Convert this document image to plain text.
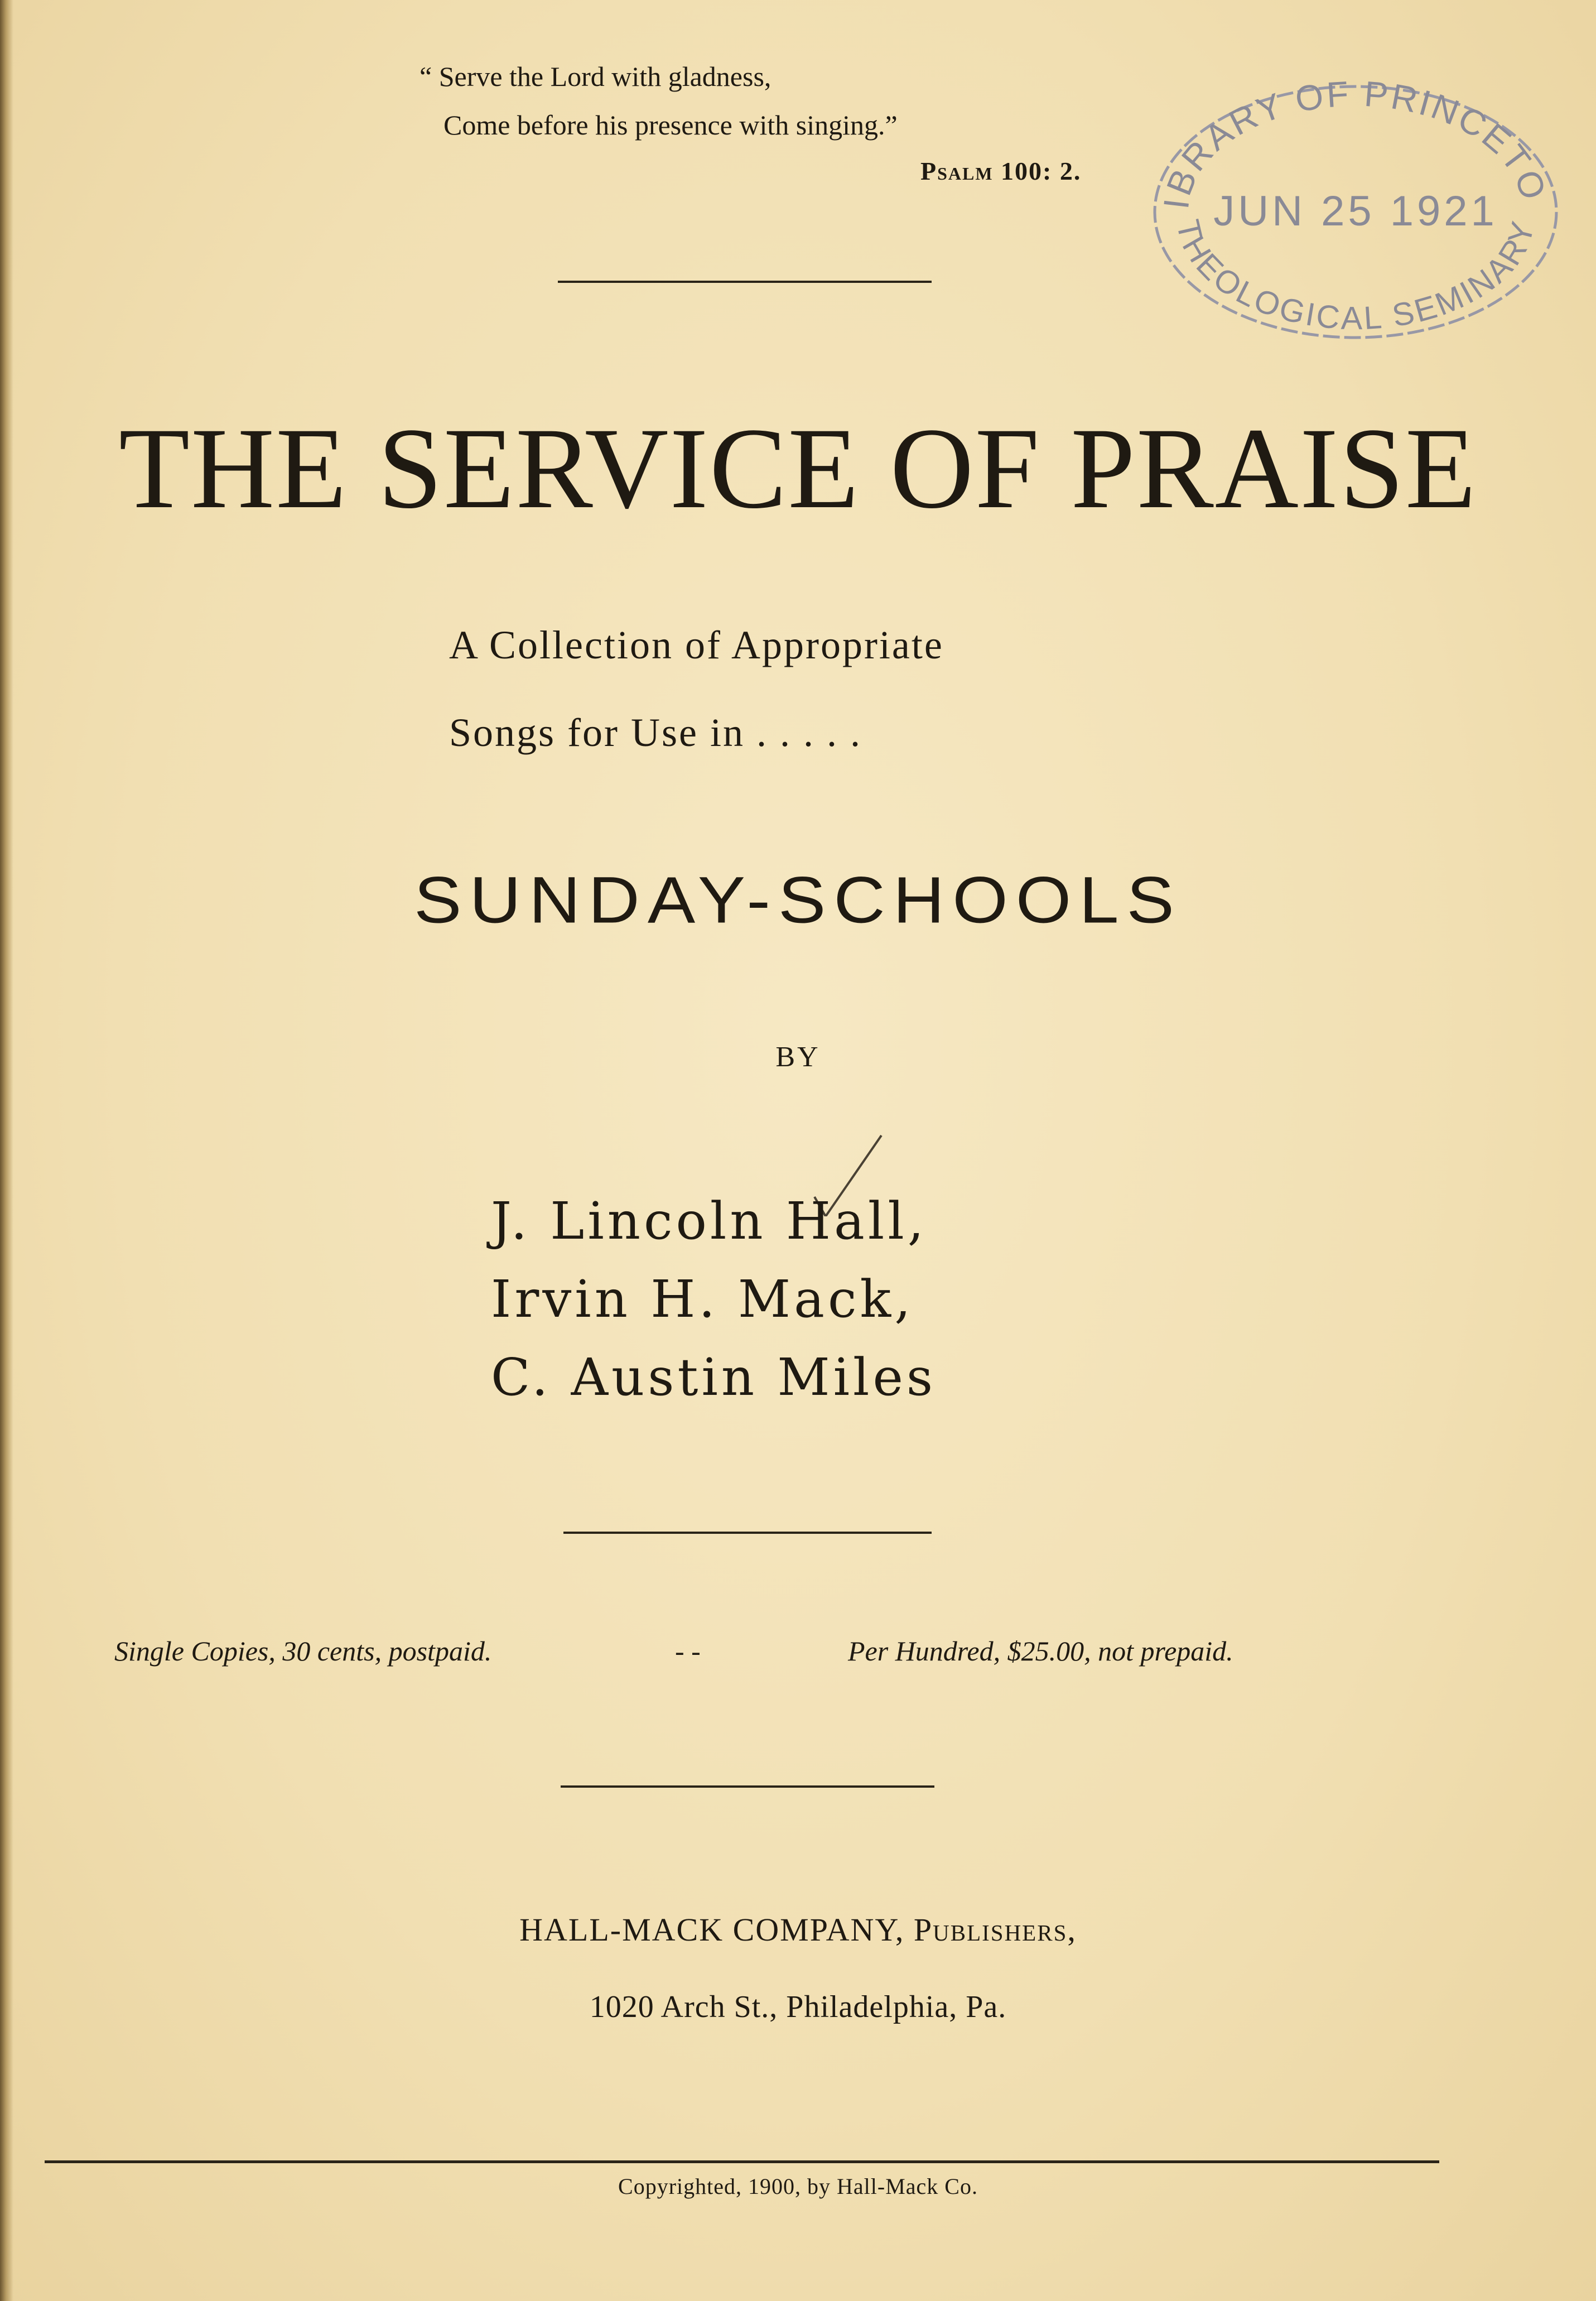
“ Serve the Lord with gladness,
Come before his presence with singing.”
Psalm 100: 2.
IBRARY OF PRINCETO
THEOLOGICAL SEMINARY
JUN 25 1921
THE SERVICE OF PRAISE
A Collection of Appropriate
Songs for Use in . . . . .
SUNDAY-SCHOOLS
BY
J. Lincoln Hall,
Irvin H. Mack,
C. Austin Miles
Single Copies, 30 cents, postpaid.	- -	Per Hundred, $25.00, not prepaid.
HALL-MACK COMPANY, Publishers,
1020 Arch St., Philadelphia, Pa.
Copyrighted, 1900, by Hall-Mack Co.
